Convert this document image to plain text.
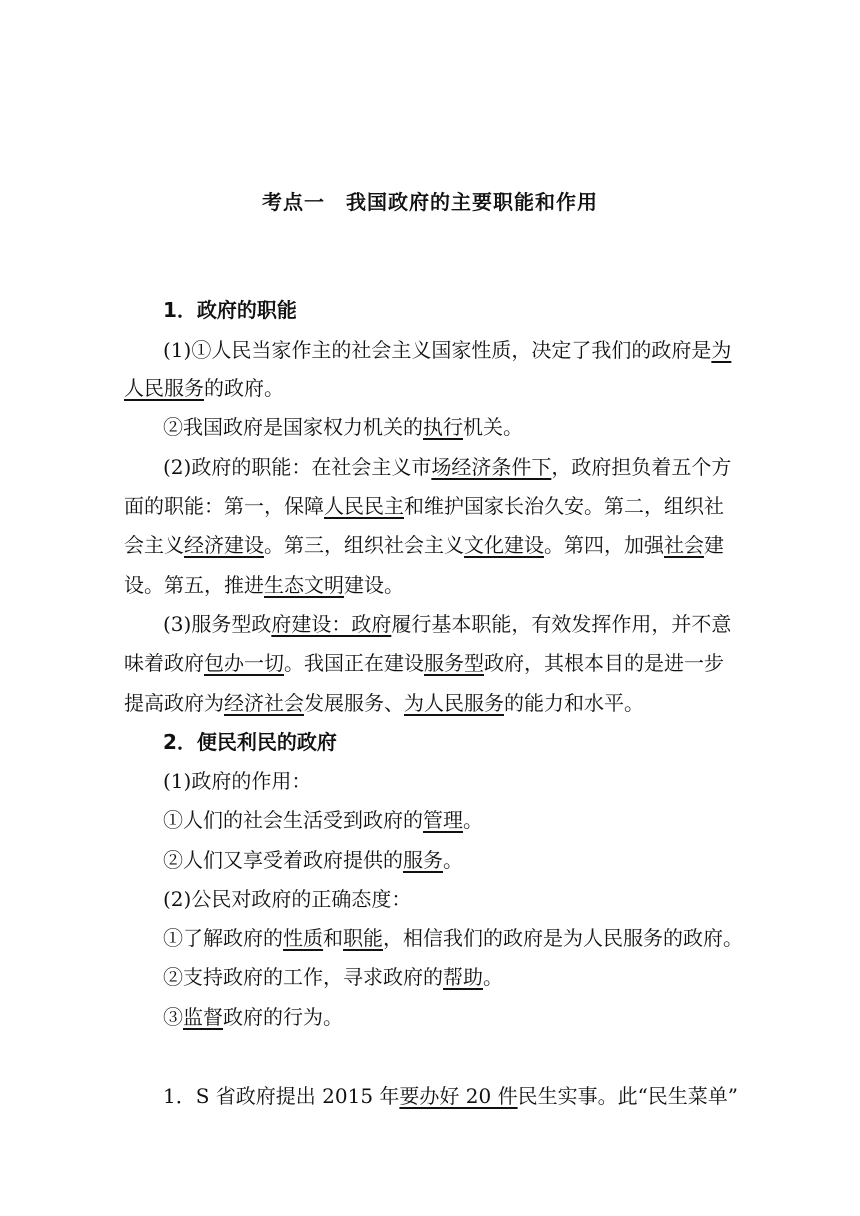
考点一　我国政府的主要职能和作用
1．政府的职能
(1)①人民当家作主的社会主义国家性质，决定了我们的政府是为
人民服务的政府。
②我国政府是国家权力机关的执行机关。
(2)政府的职能：在社会主义市场经济条件下，政府担负着五个方
面的职能：第一，保障人民民主和维护国家长治久安。第二，组织社
会主义经济建设。第三，组织社会主义文化建设。第四，加强社会建
设。第五，推进生态文明建设。
(3)服务型政府建设：政府履行基本职能，有效发挥作用，并不意
味着政府包办一切。我国正在建设服务型政府，其根本目的是进一步
提高政府为经济社会发展服务、为人民服务的能力和水平。
2．便民利民的政府
(1)政府的作用：
①人们的社会生活受到政府的管理。
②人们又享受着政府提供的服务。
(2)公民对政府的正确态度：
①了解政府的性质和职能，相信我们的政府是为人民服务的政府。
②支持政府的工作，寻求政府的帮助。
③监督政府的行为。
1．S 省政府提出 2015 年要办好 20 件民生实事。此“民生菜单”
